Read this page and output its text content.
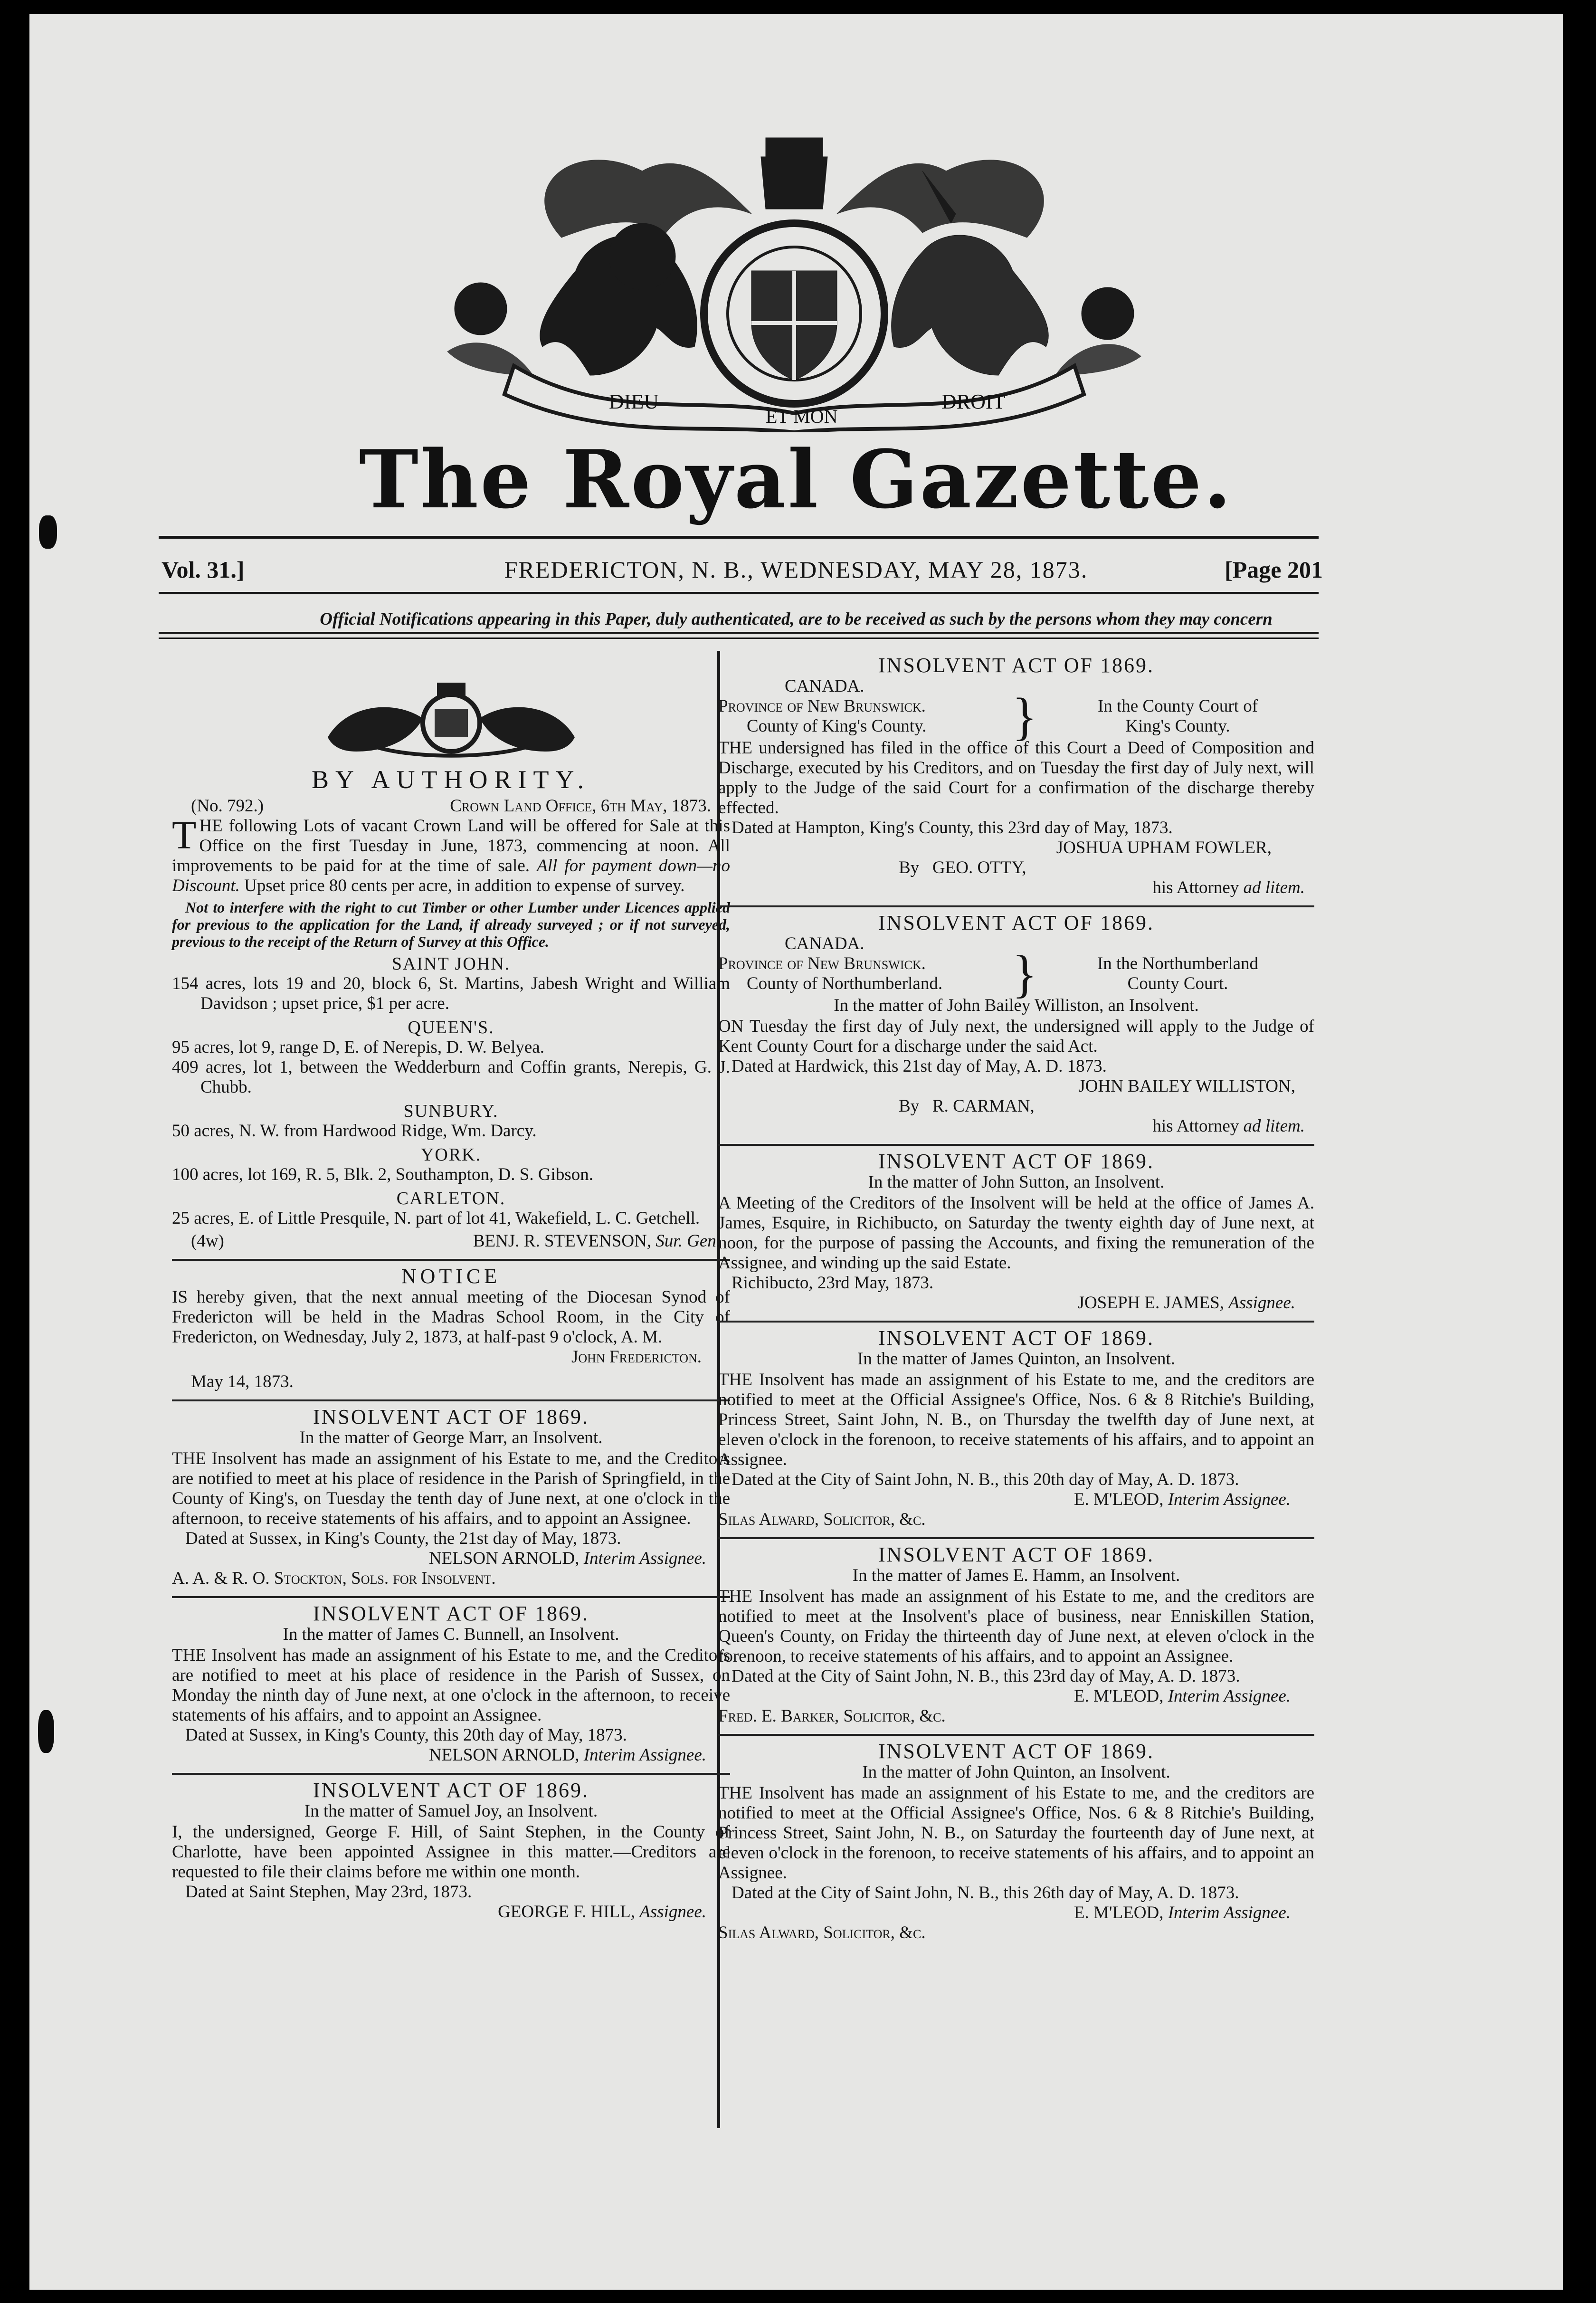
DIEU
ET MON
DROIT
The Royal Gazette.
Vol. 31.]	FREDERICTON, N. B., WEDNESDAY, MAY 28, 1873.	[Page 201
Official Notifications appearing in this Paper, duly authenticated, are to be received as such by the persons whom they may concern
BY AUTHORITY.
(No. 792.)	Crown Land Office, 6th May, 1873.

THE following Lots of vacant Crown Land will be offered for Sale at this Office on the first Tuesday in June, 1873, commencing at noon. All improvements to be paid for at the time of sale. All for payment down—no Discount. Upset price 80 cents per acre, in addition to expense of survey.

Not to interfere with the right to cut Timber or other Lumber under Licences applied for previous to the application for the Land, if already surveyed ; or if not surveyed, previous to the receipt of the Return of Survey at this Office.

SAINT JOHN.

154 acres, lots 19 and 20, block 6, St. Martins, Jabesh Wright and William Davidson ; upset price, $1 per acre.

QUEEN'S.

95 acres, lot 9, range D, E. of Nerepis, D. W. Belyea.

409 acres, lot 1, between the Wedderburn and Coffin grants, Nerepis, G. J. Chubb.

SUNBURY.

50 acres, N. W. from Hardwood Ridge, Wm. Darcy.

YORK.

100 acres, lot 169, R. 5, Blk. 2, Southampton, D. S. Gibson.

CARLETON.

25 acres, E. of Little Presquile, N. part of lot 41, Wakefield, L. C. Getchell.

(4w)	BENJ. R. STEVENSON, Sur. Gen.
NOTICE

IS hereby given, that the next annual meeting of the Diocesan Synod of Fredericton will be held in the Madras School Room, in the City of Fredericton, on Wednesday, July 2, 1873, at half-past 9 o'clock, A. M.

John Fredericton.

May 14, 1873.

INSOLVENT ACT OF 1869.

In the matter of George Marr, an Insolvent.

THE Insolvent has made an assignment of his Estate to me, and the Creditors are notified to meet at his place of residence in the Parish of Springfield, in the County of King's, on Tuesday the tenth day of June next, at one o'clock in the afternoon, to receive statements of his affairs, and to appoint an Assignee.

Dated at Sussex, in King's County, the 21st day of May, 1873.

NELSON ARNOLD, Interim Assignee.

A. A. & R. O. Stockton, Sols. for Insolvent.

INSOLVENT ACT OF 1869.

In the matter of James C. Bunnell, an Insolvent.

THE Insolvent has made an assignment of his Estate to me, and the Creditors are notified to meet at his place of residence in the Parish of Sussex, on Monday the ninth day of June next, at one o'clock in the afternoon, to receive statements of his affairs, and to appoint an Assignee.

Dated at Sussex, in King's County, this 20th day of May, 1873.

NELSON ARNOLD, Interim Assignee.

INSOLVENT ACT OF 1869.

In the matter of Samuel Joy, an Insolvent.

I, the undersigned, George F. Hill, of Saint Stephen, in the County of Charlotte, have been appointed Assignee in this matter.—Creditors are requested to file their claims before me within one month.

Dated at Saint Stephen, May 23rd, 1873.

GEORGE F. HILL, Assignee.

INSOLVENT ACT OF 1869.

CANADA.

Province of New Brunswick.
County of King's County.	}	In the County Court of
King's County.

THE undersigned has filed in the office of this Court a Deed of Composition and Discharge, executed by his Creditors, and on Tuesday the first day of July next, will apply to the Judge of the said Court for a confirmation of the discharge thereby effected.

Dated at Hampton, King's County, this 23rd day of May, 1873.

JOSHUA UPHAM FOWLER,

By GEO. OTTY,

his Attorney ad litem.

INSOLVENT ACT OF 1869.

CANADA.

Province of New Brunswick.
County of Northumberland.	}	In the Northumberland
County Court.

In the matter of John Bailey Williston, an Insolvent.

ON Tuesday the first day of July next, the undersigned will apply to the Judge of Kent County Court for a discharge under the said Act.

Dated at Hardwick, this 21st day of May, A. D. 1873.

JOHN BAILEY WILLISTON,

By R. CARMAN,

his Attorney ad litem.

INSOLVENT ACT OF 1869.

In the matter of John Sutton, an Insolvent.

A Meeting of the Creditors of the Insolvent will be held at the office of James A. James, Esquire, in Richibucto, on Saturday the twenty eighth day of June next, at noon, for the purpose of passing the Accounts, and fixing the remuneration of the Assignee, and winding up the said Estate.

Richibucto, 23rd May, 1873.

JOSEPH E. JAMES, Assignee.

INSOLVENT ACT OF 1869.

In the matter of James Quinton, an Insolvent.

THE Insolvent has made an assignment of his Estate to me, and the creditors are notified to meet at the Official Assignee's Office, Nos. 6 & 8 Ritchie's Building, Princess Street, Saint John, N. B., on Thursday the twelfth day of June next, at eleven o'clock in the forenoon, to receive statements of his affairs, and to appoint an Assignee.

Dated at the City of Saint John, N. B., this 20th day of May, A. D. 1873.

E. M'LEOD, Interim Assignee.

Silas Alward, Solicitor, &c.

INSOLVENT ACT OF 1869.

In the matter of James E. Hamm, an Insolvent.

THE Insolvent has made an assignment of his Estate to me, and the creditors are notified to meet at the Insolvent's place of business, near Enniskillen Station, Queen's County, on Friday the thirteenth day of June next, at eleven o'clock in the forenoon, to receive statements of his affairs, and to appoint an Assignee.

Dated at the City of Saint John, N. B., this 23rd day of May, A. D. 1873.

E. M'LEOD, Interim Assignee.

Fred. E. Barker, Solicitor, &c.

INSOLVENT ACT OF 1869.

In the matter of John Quinton, an Insolvent.

THE Insolvent has made an assignment of his Estate to me, and the creditors are notified to meet at the Official Assignee's Office, Nos. 6 & 8 Ritchie's Building, Princess Street, Saint John, N. B., on Saturday the fourteenth day of June next, at eleven o'clock in the forenoon, to receive statements of his affairs, and to appoint an Assignee.

Dated at the City of Saint John, N. B., this 26th day of May, A. D. 1873.

E. M'LEOD, Interim Assignee.

Silas Alward, Solicitor, &c.
